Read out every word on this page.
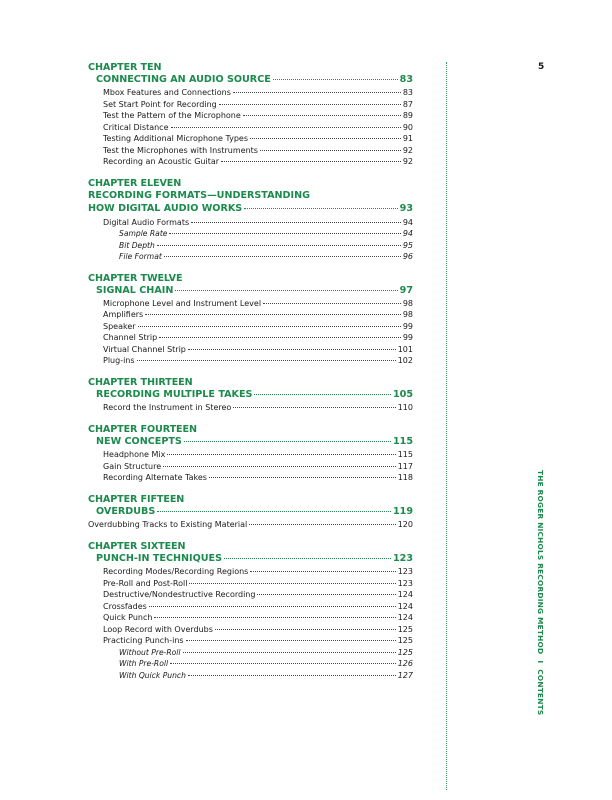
CHAPTER TEN
CONNECTING AN AUDIO SOURCE	83
Mbox Features and Connections	83
Set Start Point for Recording	87
Test the Pattern of the Microphone	89
Critical Distance	90
Testing Additional Microphone Types	91
Test the Microphones with Instruments	92
Recording an Acoustic Guitar	92
CHAPTER ELEVEN
RECORDING FORMATS—UNDERSTANDING
HOW DIGITAL AUDIO WORKS	93
Digital Audio Formats	94
Sample Rate	94
Bit Depth	95
File Format	96
CHAPTER TWELVE
SIGNAL CHAIN	97
Microphone Level and Instrument Level	98
Amplifiers	98
Speaker	99
Channel Strip	99
Virtual Channel Strip	101
Plug-ins	102
CHAPTER THIRTEEN
RECORDING MULTIPLE TAKES	105
Record the Instrument in Stereo	110
CHAPTER FOURTEEN
NEW CONCEPTS	115
Headphone Mix	115
Gain Structure	117
Recording Alternate Takes	118
CHAPTER FIFTEEN
OVERDUBS	119
Overdubbing Tracks to Existing Material	120
CHAPTER SIXTEEN
PUNCH-IN TECHNIQUES	123
Recording Modes/Recording Regions	123
Pre-Roll and Post-Roll	123
Destructive/Nondestructive Recording	124
Crossfades	124
Quick Punch	124
Loop Record with Overdubs	125
Practicing Punch-ins	125
Without Pre-Roll	125
With Pre-Roll	126
With Quick Punch	127
5
THE ROGER NICHOLS RECORDING METHODICONTENTS
